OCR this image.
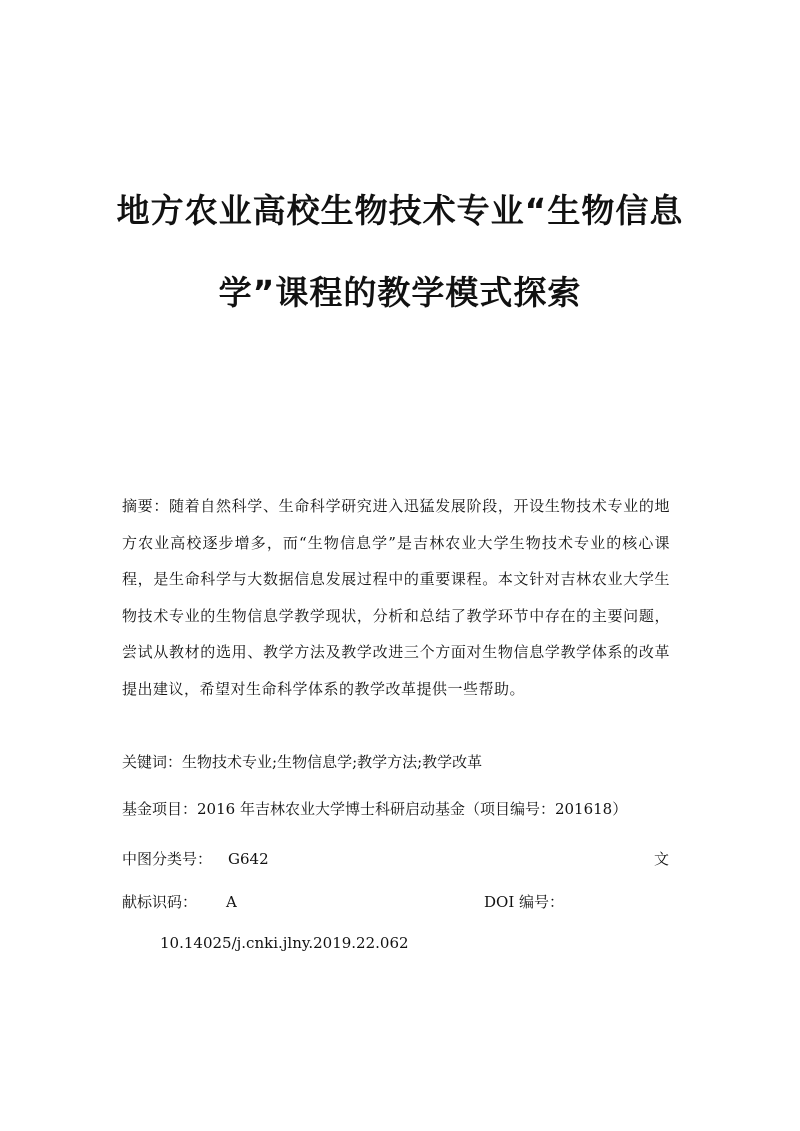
地方农业高校生物技术专业“生物信息
学”课程的教学模式探索

摘要：随着自然科学、生命科学研究进入迅猛发展阶段，开设生物技术专业的地方农业高校逐步增多，而“生物信息学”是吉林农业大学生物技术专业的核心课程，是生命科学与大数据信息发展过程中的重要课程。本文针对吉林农业大学生物技术专业的生物信息学教学现状，分析和总结了教学环节中存在的主要问题，尝试从教材的选用、教学方法及教学改进三个方面对生物信息学教学体系的改革提出建议，希望对生命科学体系的教学改革提供一些帮助。

关键词：生物技术专业;生物信息学;教学方法;教学改革
基金项目：2016 年吉林农业大学博士科研启动基金（项目编号：201618）
中图分类号： G642	文
献标识码： A	DOI 编号：
10.14025/j.cnki.jlny.2019.22.062
